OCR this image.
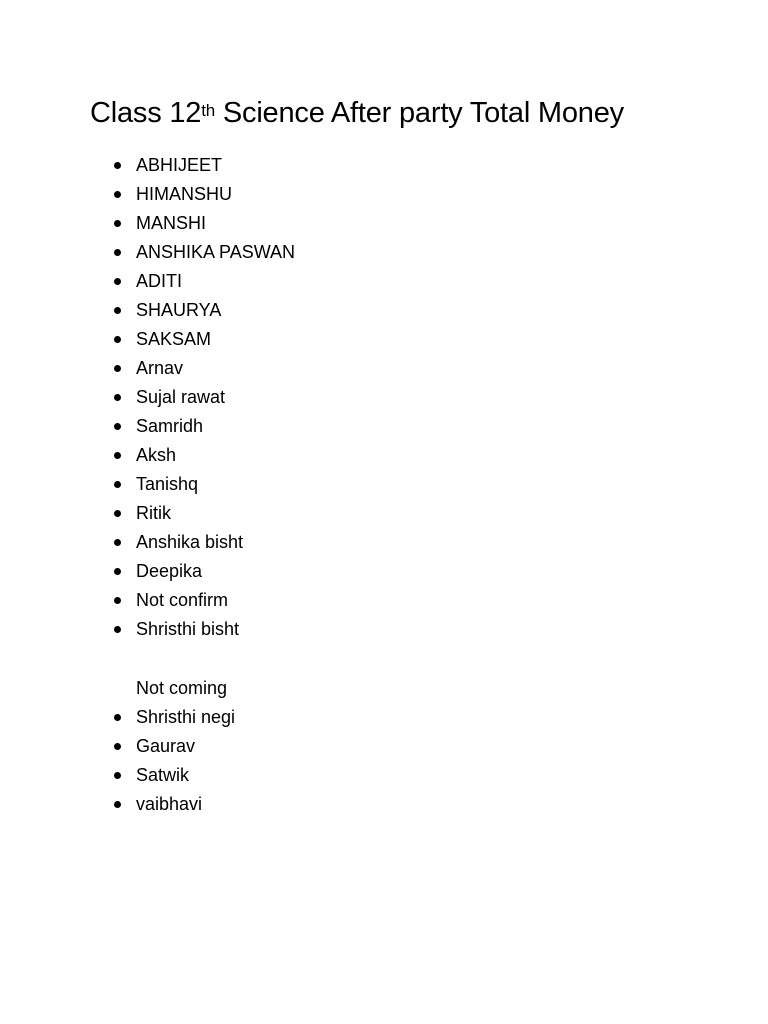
Class 12th Science After party Total Money
ABHIJEET
HIMANSHU
MANSHI
ANSHIKA PASWAN
ADITI
SHAURYA
SAKSAM
Arnav
Sujal rawat
Samridh
Aksh
Tanishq
Ritik
Anshika bisht
Deepika
Not confirm
Shristhi bisht

Not coming

Shristhi negi
Gaurav
Satwik
vaibhavi
